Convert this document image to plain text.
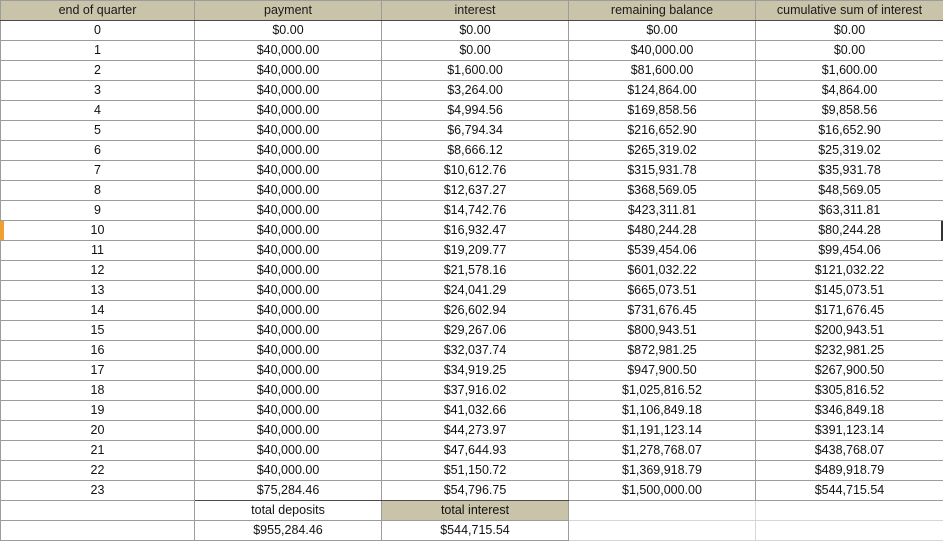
end of quarter	payment	interest	remaining balance	cumulative sum of interest
0	$0.00	$0.00	$0.00	$0.00
1	$40,000.00	$0.00	$40,000.00	$0.00
2	$40,000.00	$1,600.00	$81,600.00	$1,600.00
3	$40,000.00	$3,264.00	$124,864.00	$4,864.00
4	$40,000.00	$4,994.56	$169,858.56	$9,858.56
5	$40,000.00	$6,794.34	$216,652.90	$16,652.90
6	$40,000.00	$8,666.12	$265,319.02	$25,319.02
7	$40,000.00	$10,612.76	$315,931.78	$35,931.78
8	$40,000.00	$12,637.27	$368,569.05	$48,569.05
9	$40,000.00	$14,742.76	$423,311.81	$63,311.81
10	$40,000.00	$16,932.47	$480,244.28	$80,244.28
11	$40,000.00	$19,209.77	$539,454.06	$99,454.06
12	$40,000.00	$21,578.16	$601,032.22	$121,032.22
13	$40,000.00	$24,041.29	$665,073.51	$145,073.51
14	$40,000.00	$26,602.94	$731,676.45	$171,676.45
15	$40,000.00	$29,267.06	$800,943.51	$200,943.51
16	$40,000.00	$32,037.74	$872,981.25	$232,981.25
17	$40,000.00	$34,919.25	$947,900.50	$267,900.50
18	$40,000.00	$37,916.02	$1,025,816.52	$305,816.52
19	$40,000.00	$41,032.66	$1,106,849.18	$346,849.18
20	$40,000.00	$44,273.97	$1,191,123.14	$391,123.14
21	$40,000.00	$47,644.93	$1,278,768.07	$438,768.07
22	$40,000.00	$51,150.72	$1,369,918.79	$489,918.79
23	$75,284.46	$54,796.75	$1,500,000.00	$544,715.54
	total deposits	total interest		
	$955,284.46	$544,715.54		
